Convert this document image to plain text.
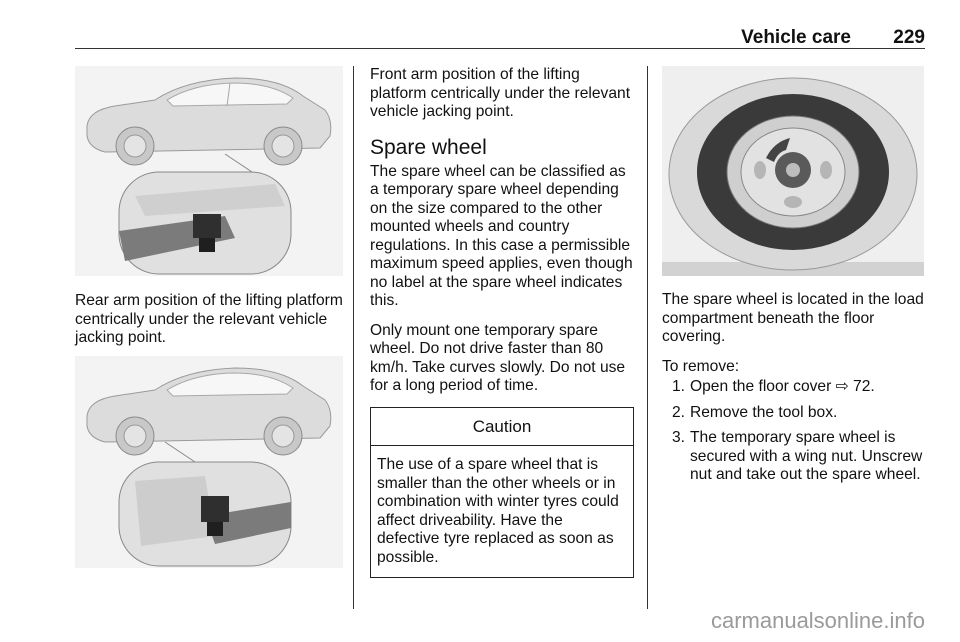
Vehicle care 229
Rear arm position of the lifting platform centrically under the relevant vehicle jacking point.

Front arm position of the lifting platform centrically under the relevant vehicle jacking point.

Spare wheel

The spare wheel can be classified as a temporary spare wheel depending on the size compared to the other mounted wheels and country regulations. In this case a permissible maximum speed applies, even though no label at the spare wheel indicates this.

Only mount one temporary spare wheel. Do not drive faster than 80 km/h. Take curves slowly. Do not use for a long period of time.

Caution
The use of a spare wheel that is smaller than the other wheels or in combination with winter tyres could affect driveability. Have the defective tyre replaced as soon as possible.

The spare wheel is located in the load compartment beneath the floor covering.

To remove:

1. Open the floor cover ⇨ 72.
2. Remove the tool box.
3. The temporary spare wheel is secured with a wing nut. Unscrew nut and take out the spare wheel.
carmanualsonline.info
